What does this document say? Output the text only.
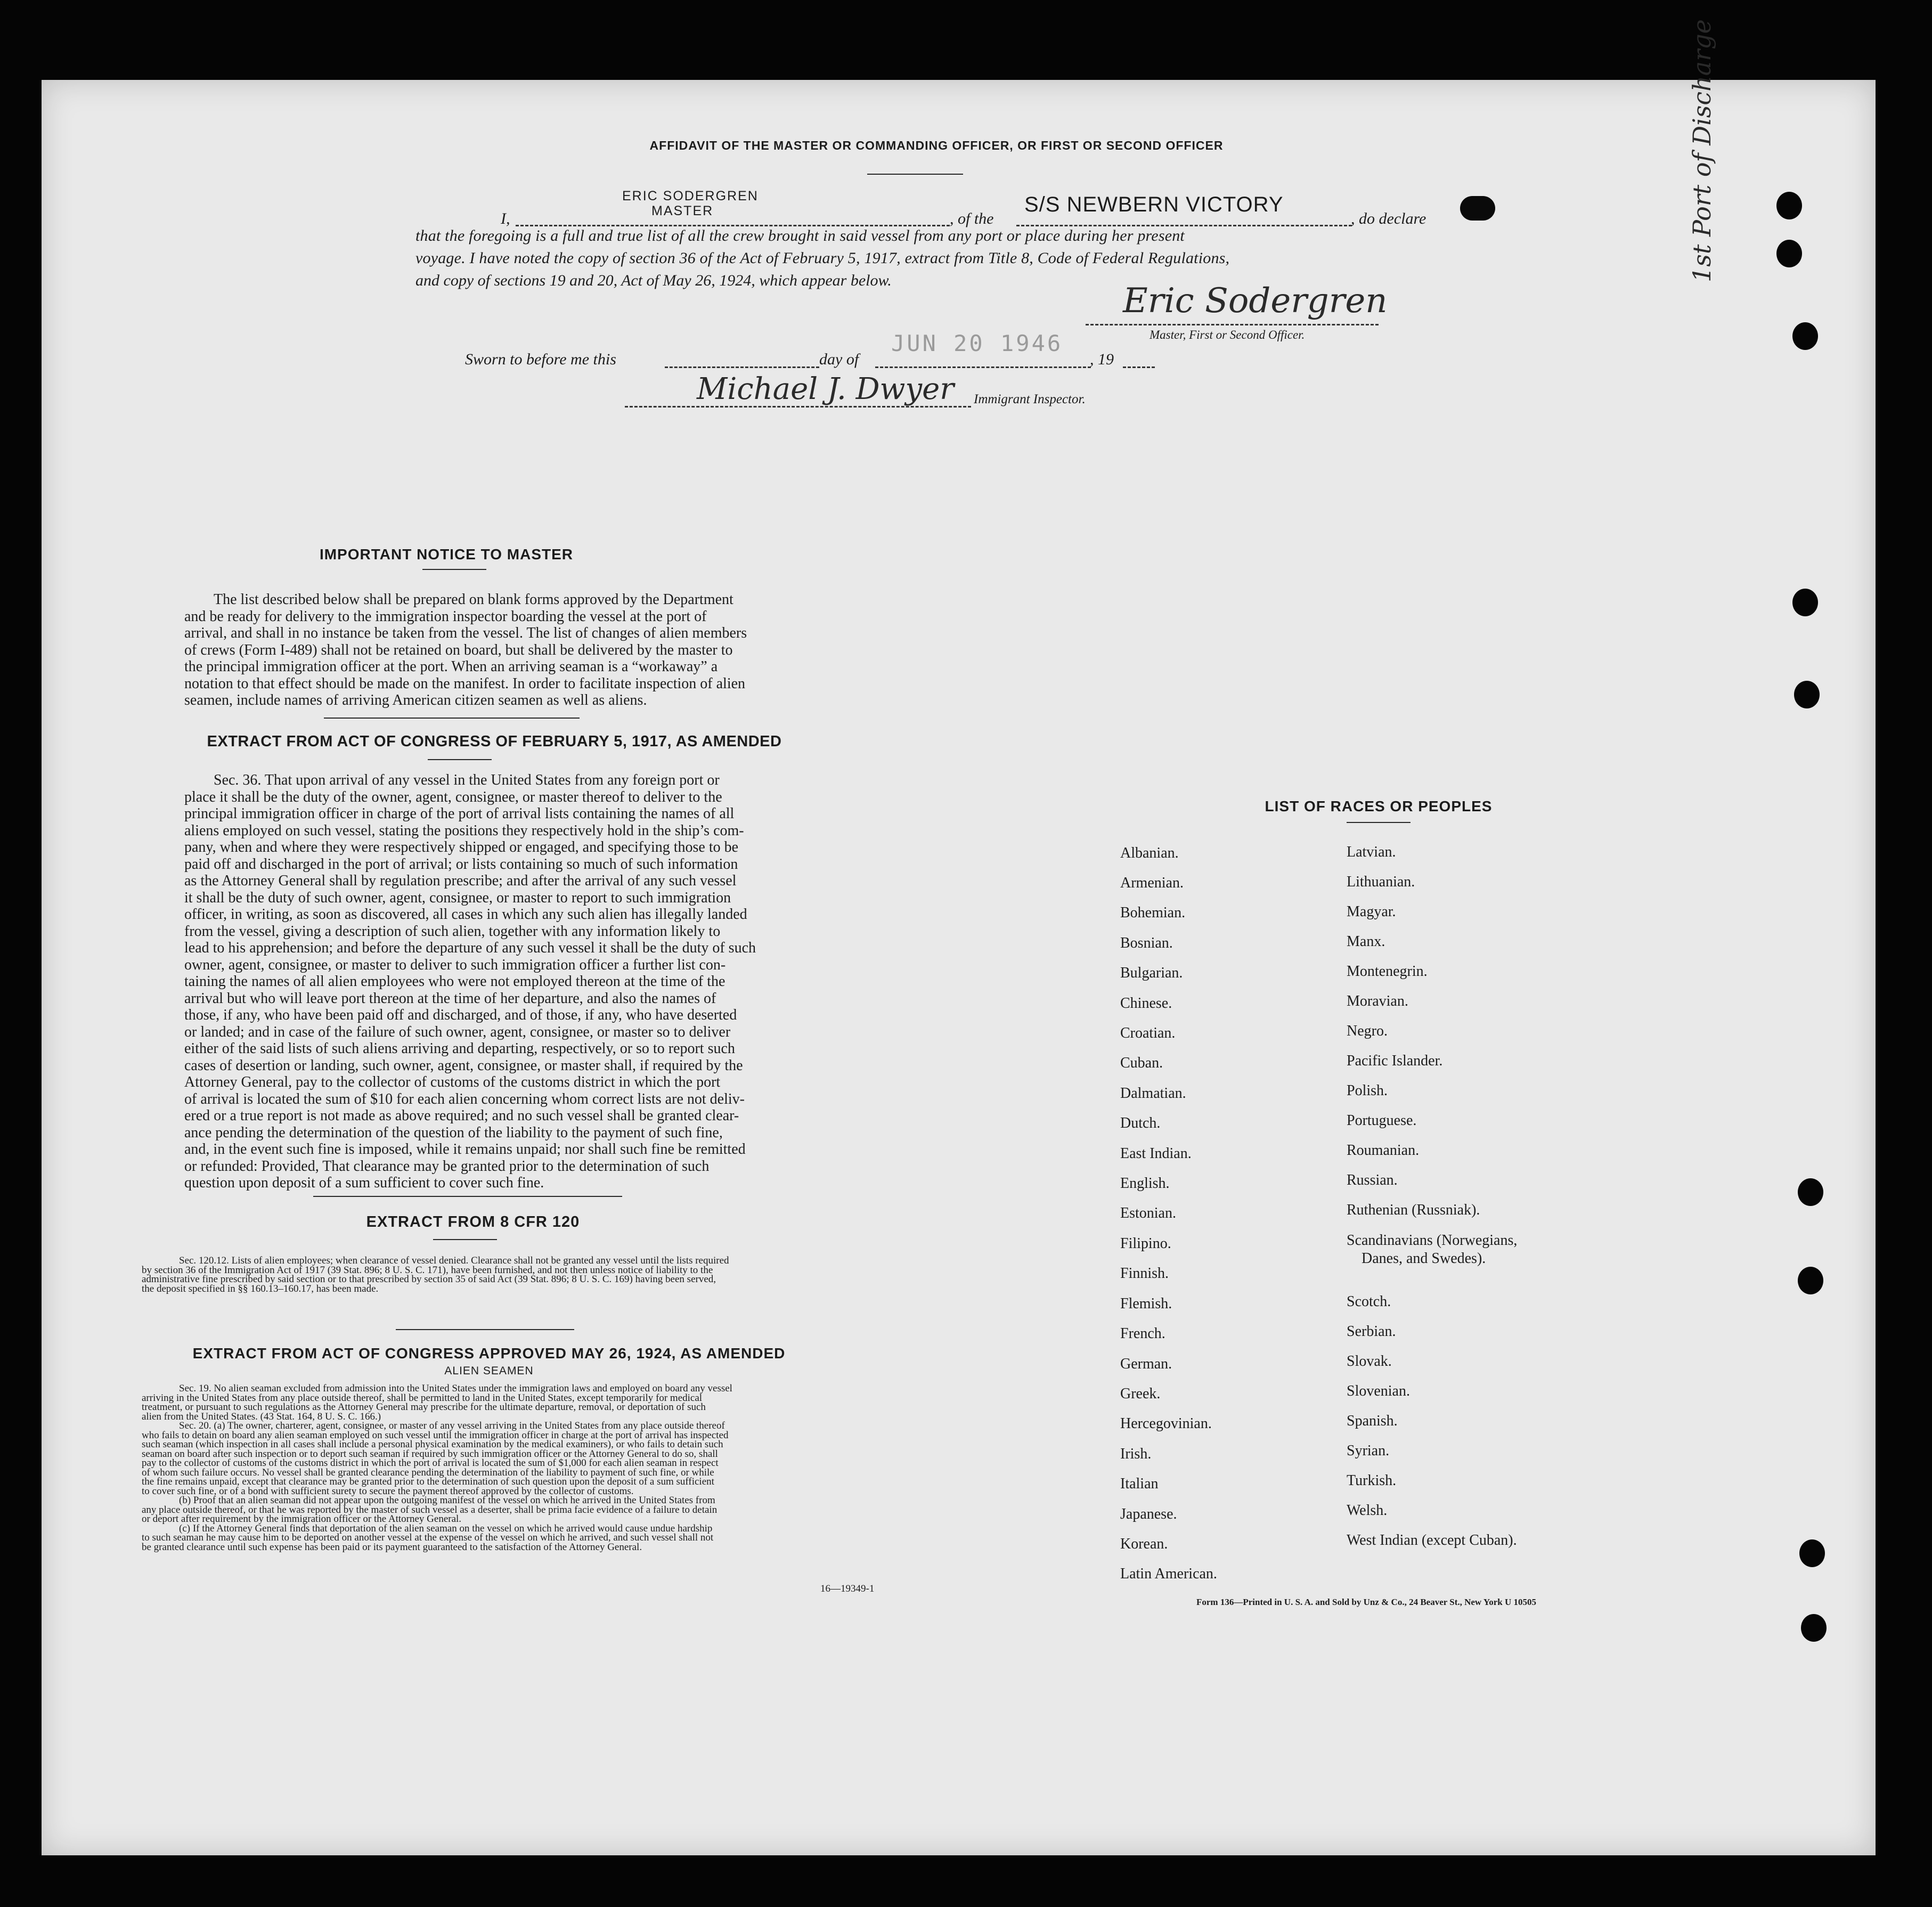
1st Port of Discharge
AFFIDAVIT OF THE MASTER OR COMMANDING OFFICER, OR FIRST OR SECOND OFFICER
I,
ERIC SODERGREN
MASTER	, of the
S/S NEWBERN VICTORY
, do declare
that the foregoing is a full and true list of all the crew brought in said vessel from any port or place during her present
voyage. I have noted the copy of section 36 of the Act of February 5, 1917, extract from Title 8, Code of Federal Regulations,
and copy of sections 19 and 20, Act of May 26, 1924, which appear below.
Eric Sodergren
Master, First or Second Officer.
Sworn to before me this	day of
JUN 20 1946
, 19
Michael J. Dwyer Immigrant Inspector.
IMPORTANT NOTICE TO MASTER
The list described below shall be prepared on blank forms approved by the Department
and be ready for delivery to the immigration inspector boarding the vessel at the port of
arrival, and shall in no instance be taken from the vessel. The list of changes of alien members
of crews (Form I-489) shall not be retained on board, but shall be delivered by the master to
the principal immigration officer at the port. When an arriving seaman is a “workaway” a
notation to that effect should be made on the manifest. In order to facilitate inspection of alien
seamen, include names of arriving American citizen seamen as well as aliens.
EXTRACT FROM ACT OF CONGRESS OF FEBRUARY 5, 1917, AS AMENDED
Sec. 36. That upon arrival of any vessel in the United States from any foreign port or
place it shall be the duty of the owner, agent, consignee, or master thereof to deliver to the
principal immigration officer in charge of the port of arrival lists containing the names of all
aliens employed on such vessel, stating the positions they respectively hold in the ship’s com-
pany, when and where they were respectively shipped or engaged, and specifying those to be
paid off and discharged in the port of arrival; or lists containing so much of such information
as the Attorney General shall by regulation prescribe; and after the arrival of any such vessel
it shall be the duty of such owner, agent, consignee, or master to report to such immigration
officer, in writing, as soon as discovered, all cases in which any such alien has illegally landed
from the vessel, giving a description of such alien, together with any information likely to
lead to his apprehension; and before the departure of any such vessel it shall be the duty of such
owner, agent, consignee, or master to deliver to such immigration officer a further list con-
taining the names of all alien employees who were not employed thereon at the time of the
arrival but who will leave port thereon at the time of her departure, and also the names of
those, if any, who have been paid off and discharged, and of those, if any, who have deserted
or landed; and in case of the failure of such owner, agent, consignee, or master so to deliver
either of the said lists of such aliens arriving and departing, respectively, or so to report such
cases of desertion or landing, such owner, agent, consignee, or master shall, if required by the
Attorney General, pay to the collector of customs of the customs district in which the port
of arrival is located the sum of $10 for each alien concerning whom correct lists are not deliv-
ered or a true report is not made as above required; and no such vessel shall be granted clear-
ance pending the determination of the question of the liability to the payment of such fine,
and, in the event such fine is imposed, while it remains unpaid; nor shall such fine be remitted
or refunded: Provided, That clearance may be granted prior to the determination of such
question upon deposit of a sum sufficient to cover such fine.
EXTRACT FROM 8 CFR 120
Sec. 120.12. Lists of alien employees; when clearance of vessel denied. Clearance shall not be granted any vessel until the lists required
by section 36 of the Immigration Act of 1917 (39 Stat. 896; 8 U. S. C. 171), have been furnished, and not then unless notice of liability to the
administrative fine prescribed by said section or to that prescribed by section 35 of said Act (39 Stat. 896; 8 U. S. C. 169) having been served,
the deposit specified in §§ 160.13–160.17, has been made.
EXTRACT FROM ACT OF CONGRESS APPROVED MAY 26, 1924, AS AMENDED
ALIEN SEAMEN
Sec. 19. No alien seaman excluded from admission into the United States under the immigration laws and employed on board any vessel
arriving in the United States from any place outside thereof, shall be permitted to land in the United States, except temporarily for medical
treatment, or pursuant to such regulations as the Attorney General may prescribe for the ultimate departure, removal, or deportation of such
alien from the United States. (43 Stat. 164, 8 U. S. C. 166.)
Sec. 20. (a) The owner, charterer, agent, consignee, or master of any vessel arriving in the United States from any place outside thereof
who fails to detain on board any alien seaman employed on such vessel until the immigration officer in charge at the port of arrival has inspected
such seaman (which inspection in all cases shall include a personal physical examination by the medical examiners), or who fails to detain such
seaman on board after such inspection or to deport such seaman if required by such immigration officer or the Attorney General to do so, shall
pay to the collector of customs of the customs district in which the port of arrival is located the sum of $1,000 for each alien seaman in respect
of whom such failure occurs. No vessel shall be granted clearance pending the determination of the liability to payment of such fine, or while
the fine remains unpaid, except that clearance may be granted prior to the determination of such question upon the deposit of a sum sufficient
to cover such fine, or of a bond with sufficient surety to secure the payment thereof approved by the collector of customs.
(b) Proof that an alien seaman did not appear upon the outgoing manifest of the vessel on which he arrived in the United States from
any place outside thereof, or that he was reported by the master of such vessel as a deserter, shall be prima facie evidence of a failure to detain
or deport after requirement by the immigration officer or the Attorney General.
(c) If the Attorney General finds that deportation of the alien seaman on the vessel on which he arrived would cause undue hardship
to such seaman he may cause him to be deported on another vessel at the expense of the vessel on which he arrived, and such vessel shall not
be granted clearance until such expense has been paid or its payment guaranteed to the satisfaction of the Attorney General.
16—19349-1
LIST OF RACES OR PEOPLES
Albanian.
Armenian.
Bohemian.
Bosnian.
Bulgarian.
Chinese.
Croatian.
Cuban.
Dalmatian.
Dutch.
East Indian.
English.
Estonian.
Filipino.
Finnish.
Flemish.
French.
German.
Greek.
Hercegovinian.
Irish.
Italian
Japanese.
Korean.
Latin American.
Latvian.
Lithuanian.
Magyar.
Manx.
Montenegrin.
Moravian.
Negro.
Pacific Islander.
Polish.
Portuguese.
Roumanian.
Russian.
Ruthenian (Russniak).
Scandinavians (Norwegians,
Danes, and Swedes).
Scotch.
Serbian.
Slovak.
Slovenian.
Spanish.
Syrian.
Turkish.
Welsh.
West Indian (except Cuban).
Form 136—Printed in U. S. A. and Sold by Unz & Co., 24 Beaver St., New York U 10505
